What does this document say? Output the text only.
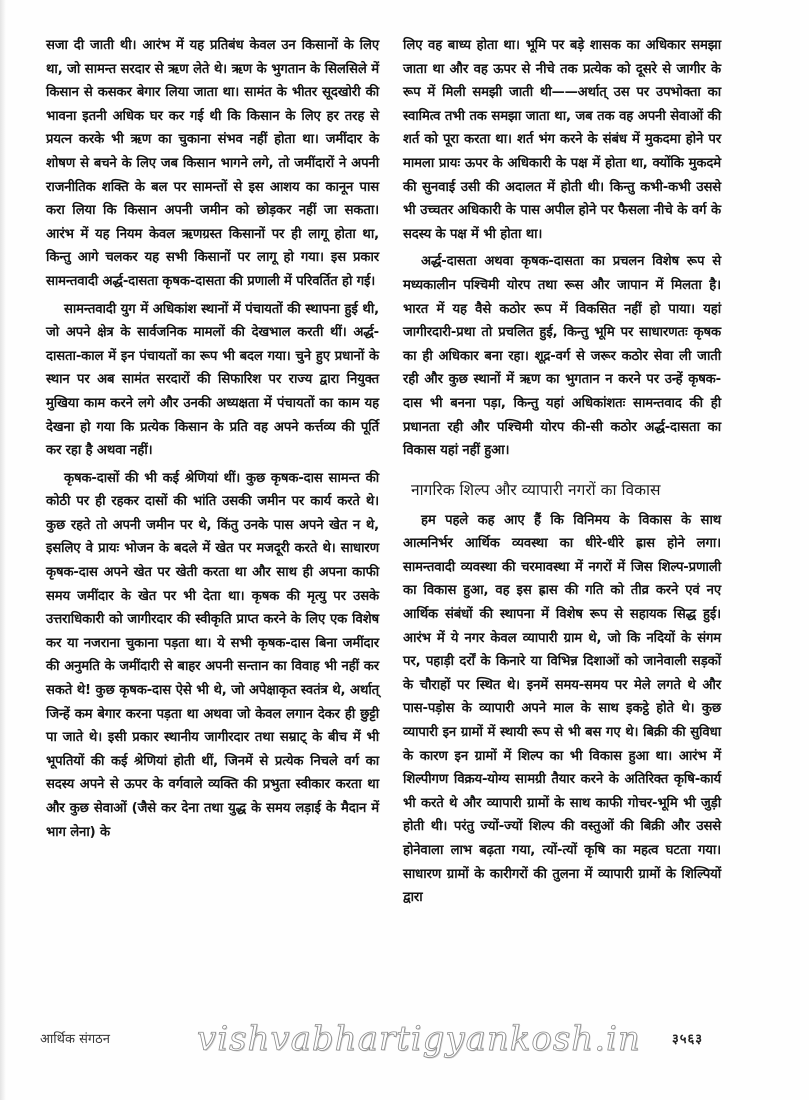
सजा दी जाती थी। आरंभ में यह प्रतिबंध केवल उन किसानों के लिए था, जो सामन्त सरदार से ऋण लेते थे। ऋण के भुगतान के सिलसिले में किसान से कसकर बेगार लिया जाता था। सामंत के भीतर सूदखोरी की भावना इतनी अधिक घर कर गई थी कि किसान के लिए हर तरह से प्रयत्न करके भी ऋण का चुकाना संभव नहीं होता था। जमींदार के शोषण से बचने के लिए जब किसान भागने लगे, तो जमींदारों ने अपनी राजनीतिक शक्ति के बल पर सामन्तों से इस आशय का कानून पास करा लिया कि किसान अपनी जमीन को छोड़कर नहीं जा सकता। आरंभ में यह नियम केवल ऋणग्रस्त किसानों पर ही लागू होता था, किन्तु आगे चलकर यह सभी किसानों पर लागू हो गया। इस प्रकार सामन्तवादी अर्द्ध-दासता कृषक-दासता की प्रणाली में परिवर्तित हो गई।

सामन्तवादी युग में अधिकांश स्थानों में पंचायतों की स्थापना हुई थी, जो अपने क्षेत्र के सार्वजनिक मामलों की देखभाल करती थीं। अर्द्ध-दासता-काल में इन पंचायतों का रूप भी बदल गया। चुने हुए प्रधानों के स्थान पर अब सामंत सरदारों की सिफारिश पर राज्य द्वारा नियुक्त मुखिया काम करने लगे और उनकी अध्यक्षता में पंचायतों का काम यह देखना हो गया कि प्रत्येक किसान के प्रति वह अपने कर्त्तव्य की पूर्ति कर रहा है अथवा नहीं।

कृषक-दासों की भी कई श्रेणियां थीं। कुछ कृषक-दास सामन्त की कोठी पर ही रहकर दासों की भांति उसकी जमीन पर कार्य करते थे। कुछ रहते तो अपनी जमीन पर थे, किंतु उनके पास अपने खेत न थे, इसलिए वे प्रायः भोजन के बदले में खेत पर मजदूरी करते थे। साधारण कृषक-दास अपने खेत पर खेती करता था और साथ ही अपना काफी समय जमींदार के खेत पर भी देता था। कृषक की मृत्यु पर उसके उत्तराधिकारी को जागीरदार की स्वीकृति प्राप्त करने के लिए एक विशेष कर या नजराना चुकाना पड़ता था। ये सभी कृषक-दास बिना जमींदार की अनुमति के जमींदारी से बाहर अपनी सन्तान का विवाह भी नहीं कर सकते थे! कुछ कृषक-दास ऐसे भी थे, जो अपेक्षाकृत स्वतंत्र थे, अर्थात् जिन्हें कम बेगार करना पड़ता था अथवा जो केवल लगान देकर ही छुट्टी पा जाते थे। इसी प्रकार स्थानीय जागीरदार तथा सम्राट् के बीच में भी भूपतियों की कई श्रेणियां होती थीं, जिनमें से प्रत्येक निचले वर्ग का सदस्य अपने से ऊपर के वर्गवाले व्यक्ति की प्रभुता स्वीकार करता था और कुछ सेवाओं (जैसे कर देना तथा युद्ध के समय लड़ाई के मैदान में भाग लेना) के

लिए वह बाध्य होता था। भूमि पर बड़े शासक का अधिकार समझा जाता था और वह ऊपर से नीचे तक प्रत्येक को दूसरे से जागीर के रूप में मिली समझी जाती थी——अर्थात् उस पर उपभोक्ता का स्वामित्व तभी तक समझा जाता था, जब तक वह अपनी सेवाओं की शर्त को पूरा करता था। शर्त भंग करने के संबंध में मुकदमा होने पर मामला प्रायः ऊपर के अधिकारी के पक्ष में होता था, क्योंकि मुकदमे की सुनवाई उसी की अदालत में होती थी। किन्तु कभी-कभी उससे भी उच्चतर अधिकारी के पास अपील होने पर फैसला नीचे के वर्ग के सदस्य के पक्ष में भी होता था।

अर्द्ध-दासता अथवा कृषक-दासता का प्रचलन विशेष रूप से मध्यकालीन पश्चिमी योरप तथा रूस और जापान में मिलता है। भारत में यह वैसे कठोर रूप में विकसित नहीं हो पाया। यहां जागीरदारी-प्रथा तो प्रचलित हुई, किन्तु भूमि पर साधारणतः कृषक का ही अधिकार बना रहा। शूद्र-वर्ग से जरूर कठोर सेवा ली जाती रही और कुछ स्थानों में ऋण का भुगतान न करने पर उन्हें कृषक-दास भी बनना पड़ा, किन्तु यहां अधिकांशतः सामन्तवाद की ही प्रधानता रही और पश्चिमी योरप की-सी कठोर अर्द्ध-दासता का विकास यहां नहीं हुआ।

नागरिक शिल्प और व्यापारी नगरों का विकास

हम पहले कह आए हैं कि विनिमय के विकास के साथ आत्मनिर्भर आर्थिक व्यवस्था का धीरे-धीरे ह्रास होने लगा। सामन्तवादी व्यवस्था की चरमावस्था में नगरों में जिस शिल्प-प्रणाली का विकास हुआ, वह इस ह्रास की गति को तीव्र करने एवं नए आर्थिक संबंधों की स्थापना में विशेष रूप से सहायक सिद्ध हुई। आरंभ में ये नगर केवल व्यापारी ग्राम थे, जो कि नदियों के संगम पर, पहाड़ी दर्रों के किनारे या विभिन्न दिशाओं को जानेवाली सड़कों के चौराहों पर स्थित थे। इनमें समय-समय पर मेले लगते थे और पास-पड़ोस के व्यापारी अपने माल के साथ इकट्ठे होते थे। कुछ व्यापारी इन ग्रामों में स्थायी रूप से भी बस गए थे। बिक्री की सुविधा के कारण इन ग्रामों में शिल्प का भी विकास हुआ था। आरंभ में शिल्पीगण विक्रय-योग्य सामग्री तैयार करने के अतिरिक्त कृषि-कार्य भी करते थे और व्यापारी ग्रामों के साथ काफी गोचर-भूमि भी जुड़ी होती थी। परंतु ज्यों-ज्यों शिल्प की वस्तुओं की बिक्री और उससे होनेवाला लाभ बढ़ता गया, त्यों-त्यों कृषि का महत्व घटता गया। साधारण ग्रामों के कारीगरों की तुलना में व्यापारी ग्रामों के शिल्पियों द्वारा

आर्थिक संगठन	vishvabhartigyankosh.in ३५६३
